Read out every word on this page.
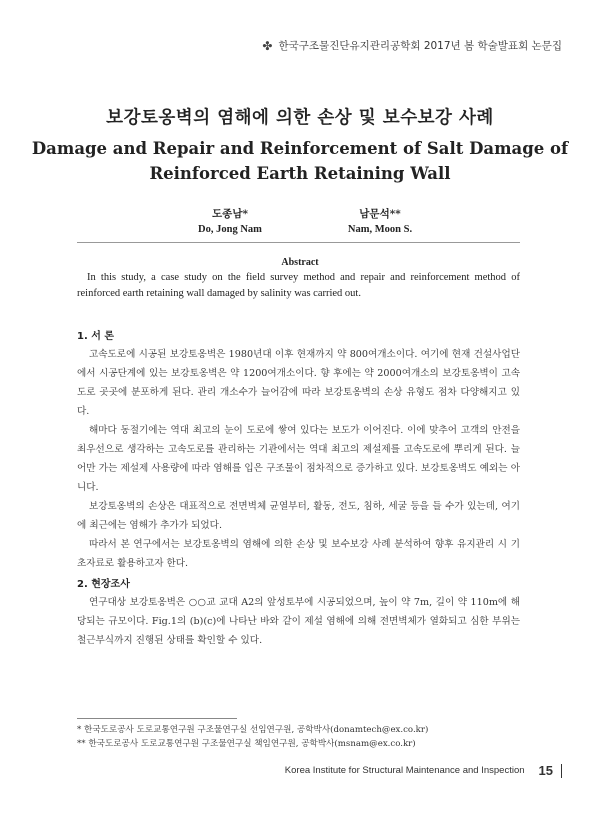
✤ 한국구조물진단유지관리공학회 2017년 봄 학술발표회 논문집
보강토옹벽의 염해에 의한 손상 및 보수보강 사례
Damage and Repair and Reinforcement of Salt Damage of Reinforced Earth Retaining Wall
도종남*
Do, Jong Nam
남문석**
Nam, Moon S.
Abstract
In this study, a case study on the field survey method and repair and reinforcement method of reinforced earth retaining wall damaged by salinity was carried out.
1. 서 론
고속도로에 시공된 보강토옹벽은 1980년대 이후 현재까지 약 800여개소이다. 여기에 현재 건설사업단에서 시공단계에 있는 보강토옹벽은 약 1200여개소이다. 향 후에는 약 2000여개소의 보강토옹벽이 고속도로 곳곳에 분포하게 된다. 관리 개소수가 늘어감에 따라 보강토옹벽의 손상 유형도 점차 다양해지고 있다.
해마다 동절기에는 역대 최고의 눈이 도로에 쌓여 있다는 보도가 이어진다. 이에 맞추어 고객의 안전을 최우선으로 생각하는 고속도로를 관리하는 기관에서는 역대 최고의 제설제를 고속도로에 뿌리게 된다. 늘어만 가는 제설제 사용량에 따라 염해를 입은 구조물이 점차적으로 증가하고 있다. 보강토옹벽도 예외는 아니다.
보강토옹벽의 손상은 대표적으로 전면벽체 균열부터, 활동, 전도, 침하, 세굴 등을 들 수가 있는데, 여기에 최근에는 염해가 추가가 되었다.
따라서 본 연구에서는 보강토옹벽의 염해에 의한 손상 및 보수보강 사례 분석하여 향후 유지관리 시 기초자료로 활용하고자 한다.
2. 현장조사
연구대상 보강토옹벽은 ○○교 교대 A2의 앞성토부에 시공되었으며, 높이 약 7m, 길이 약 110m에 해당되는 규모이다. Fig.1의 (b)(c)에 나타난 바와 같이 제설 염해에 의해 전면벽체가 열화되고 심한 부위는 철근부식까지 진행된 상태를 확인할 수 있다.
* 한국도로공사 도로교통연구원 구조물연구실 선임연구원, 공학박사(donamtech@ex.co.kr)
** 한국도로공사 도로교통연구원 구조물연구실 책임연구원, 공학박사(msnam@ex.co.kr)
Korea Institute for Structural Maintenance and Inspection 15
